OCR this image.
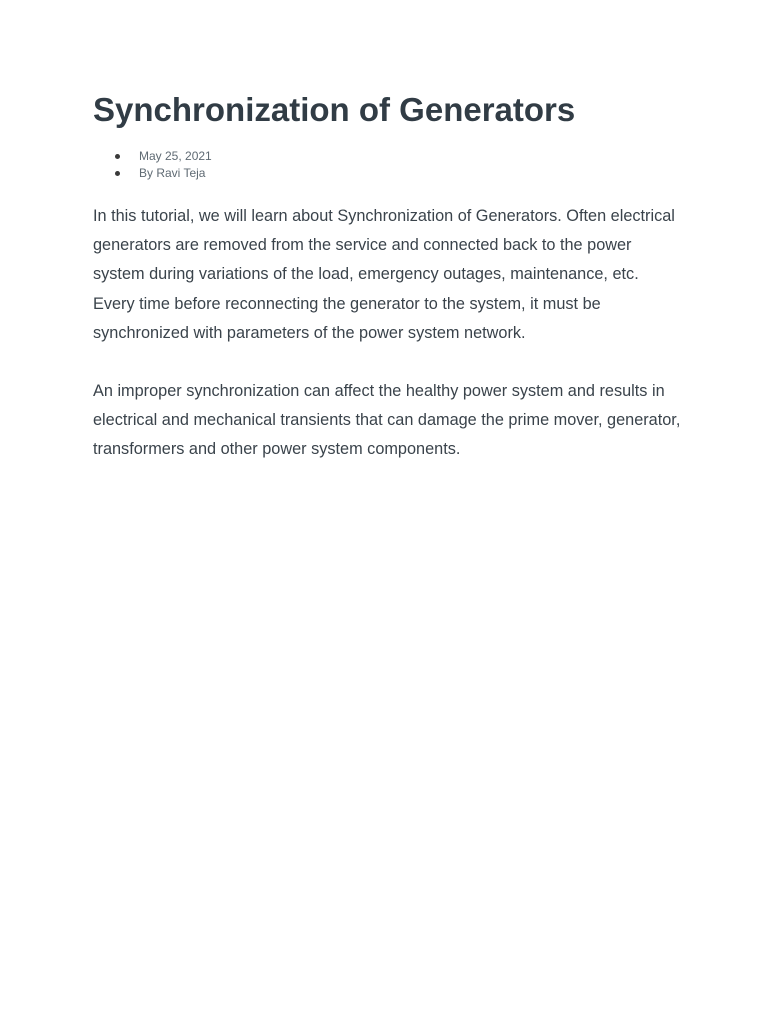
Synchronization of Generators
May 25, 2021
By Ravi Teja

In this tutorial, we will learn about Synchronization of Generators. Often electrical generators are removed from the service and connected back to the power system during variations of the load, emergency outages, maintenance, etc. Every time before reconnecting the generator to the system, it must be synchronized with parameters of the power system network.

An improper synchronization can affect the healthy power system and results in electrical and mechanical transients that can damage the prime mover, generator, transformers and other power system components.
